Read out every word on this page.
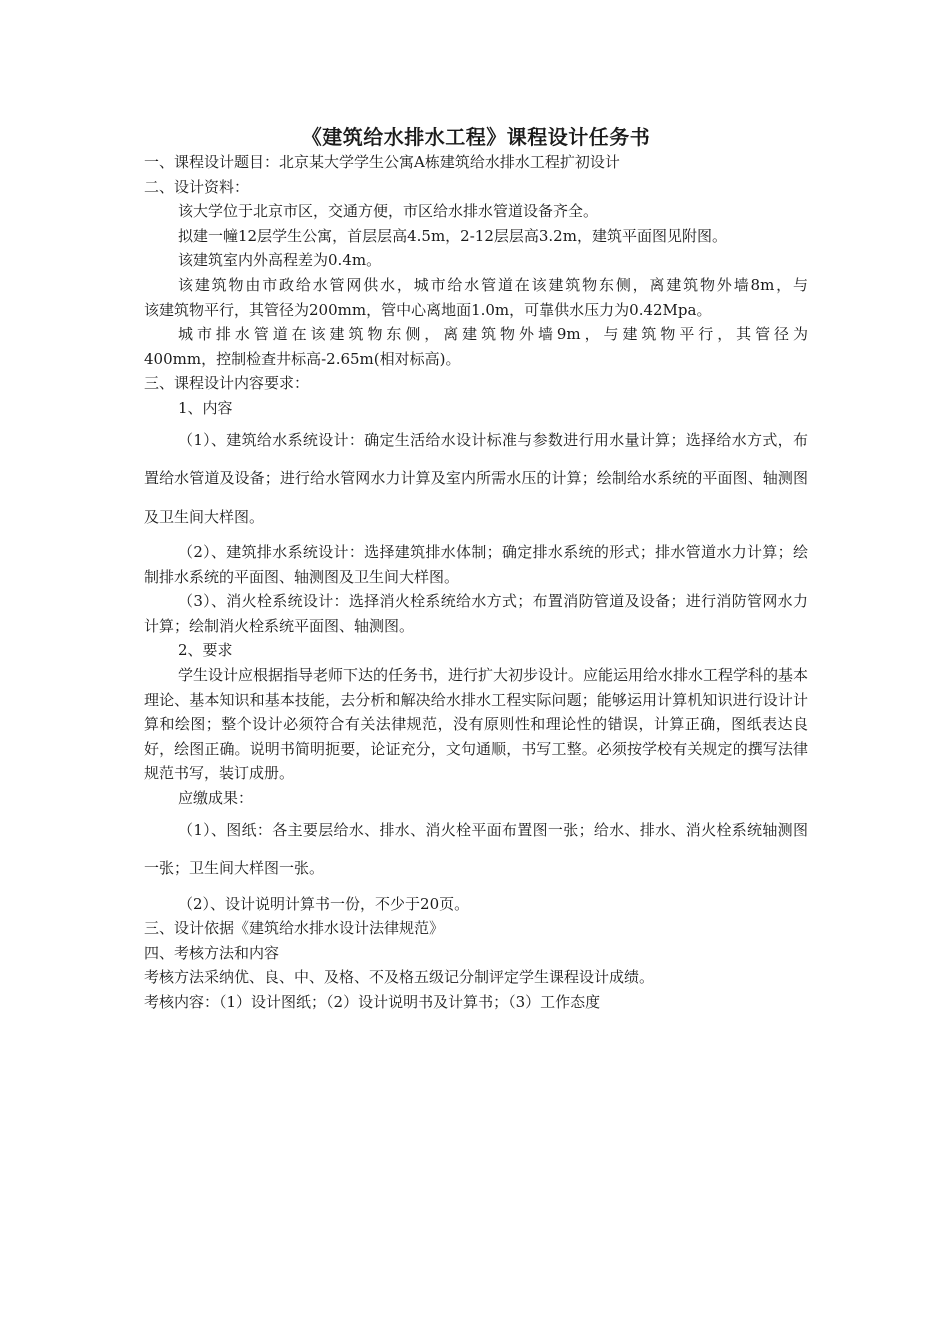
《建筑给水排水工程》课程设计任务书

一、课程设计题目：北京某大学学生公寓A栋建筑给水排水工程扩初设计

二、设计资料：

该大学位于北京市区，交通方便，市区给水排水管道设备齐全。

拟建一幢12层学生公寓，首层层高4.5m，2-12层层高3.2m，建筑平面图见附图。

该建筑室内外高程差为0.4m。

该建筑物由市政给水管网供水，城市给水管道在该建筑物东侧，离建筑物外墙8m，与

该建筑物平行，其管径为200mm，管中心离地面1.0m，可靠供水压力为0.42Mpa。

城市排水管道在该建筑物东侧，离建筑物外墙9m，与建筑物平行，其管径为

400mm，控制检查井标高-2.65m(相对标高)。

三、课程设计内容要求：

1、内容

（1）、建筑给水系统设计：确定生活给水设计标准与参数进行用水量计算；选择给水方式，布置给水管道及设备；进行给水管网水力计算及室内所需水压的计算；绘制给水系统的平面图、轴测图及卫生间大样图。

（2）、建筑排水系统设计：选择建筑排水体制；确定排水系统的形式；排水管道水力计算；绘制排水系统的平面图、轴测图及卫生间大样图。

（3）、消火栓系统设计：选择消火栓系统给水方式；布置消防管道及设备；进行消防管网水力计算；绘制消火栓系统平面图、轴测图。

2、要求

学生设计应根据指导老师下达的任务书，进行扩大初步设计。应能运用给水排水工程学科的基本理论、基本知识和基本技能，去分析和解决给水排水工程实际问题；能够运用计算机知识进行设计计算和绘图；整个设计必须符合有关法律规范，没有原则性和理论性的错误，计算正确，图纸表达良好，绘图正确。说明书简明扼要，论证充分，文句通顺，书写工整。必须按学校有关规定的撰写法律规范书写，装订成册。

应缴成果：

（1）、图纸：各主要层给水、排水、消火栓平面布置图一张；给水、排水、消火栓系统轴测图一张；卫生间大样图一张。

（2）、设计说明计算书一份，不少于20页。

三、设计依据《建筑给水排水设计法律规范》

四、考核方法和内容

考核方法采纳优、良、中、及格、不及格五级记分制评定学生课程设计成绩。

考核内容：（1）设计图纸；（2）设计说明书及计算书；（3）工作态度
